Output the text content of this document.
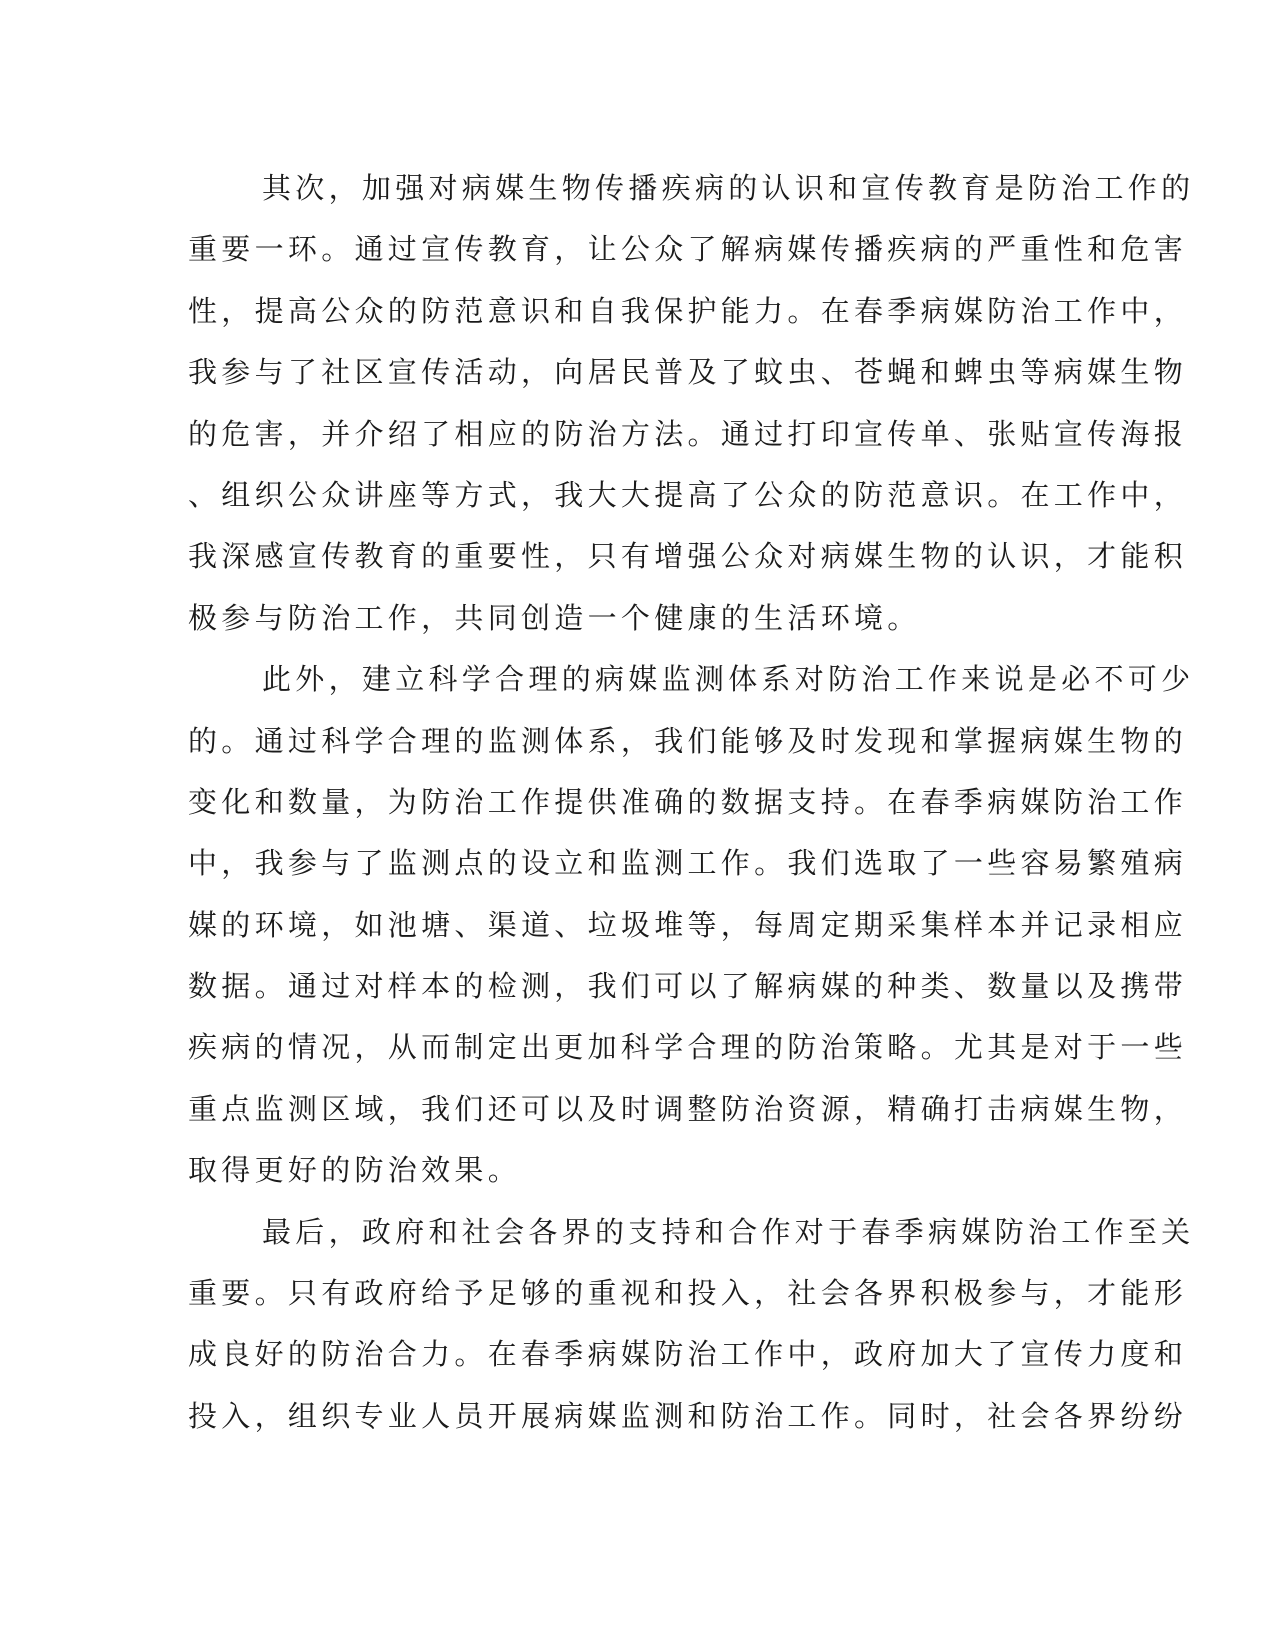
其次，加强对病媒生物传播疾病的认识和宣传教育是防治工作的
重要一环。通过宣传教育，让公众了解病媒传播疾病的严重性和危害
性，提高公众的防范意识和自我保护能力。在春季病媒防治工作中，
我参与了社区宣传活动，向居民普及了蚊虫、苍蝇和蜱虫等病媒生物
的危害，并介绍了相应的防治方法。通过打印宣传单、张贴宣传海报
、组织公众讲座等方式，我大大提高了公众的防范意识。在工作中，
我深感宣传教育的重要性，只有增强公众对病媒生物的认识，才能积
极参与防治工作，共同创造一个健康的生活环境。
此外，建立科学合理的病媒监测体系对防治工作来说是必不可少
的。通过科学合理的监测体系，我们能够及时发现和掌握病媒生物的
变化和数量，为防治工作提供准确的数据支持。在春季病媒防治工作
中，我参与了监测点的设立和监测工作。我们选取了一些容易繁殖病
媒的环境，如池塘、渠道、垃圾堆等，每周定期采集样本并记录相应
数据。通过对样本的检测，我们可以了解病媒的种类、数量以及携带
疾病的情况，从而制定出更加科学合理的防治策略。尤其是对于一些
重点监测区域，我们还可以及时调整防治资源，精确打击病媒生物，
取得更好的防治效果。
最后，政府和社会各界的支持和合作对于春季病媒防治工作至关
重要。只有政府给予足够的重视和投入，社会各界积极参与，才能形
成良好的防治合力。在春季病媒防治工作中，政府加大了宣传力度和
投入，组织专业人员开展病媒监测和防治工作。同时，社会各界纷纷
